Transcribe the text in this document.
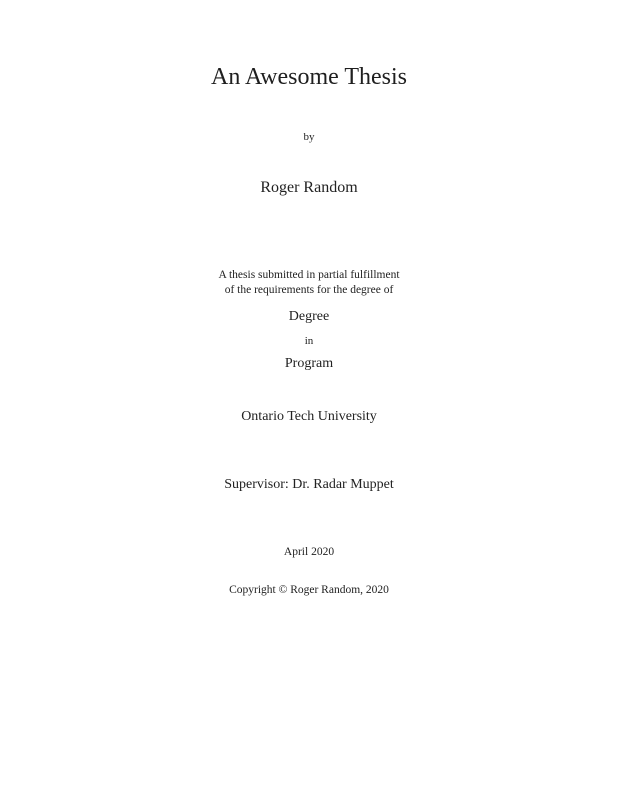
An Awesome Thesis
by
Roger Random
A thesis submitted in partial fulfillment
of the requirements for the degree of
Degree
in
Program
Ontario Tech University
Supervisor: Dr. Radar Muppet
April 2020
Copyright © Roger Random, 2020
